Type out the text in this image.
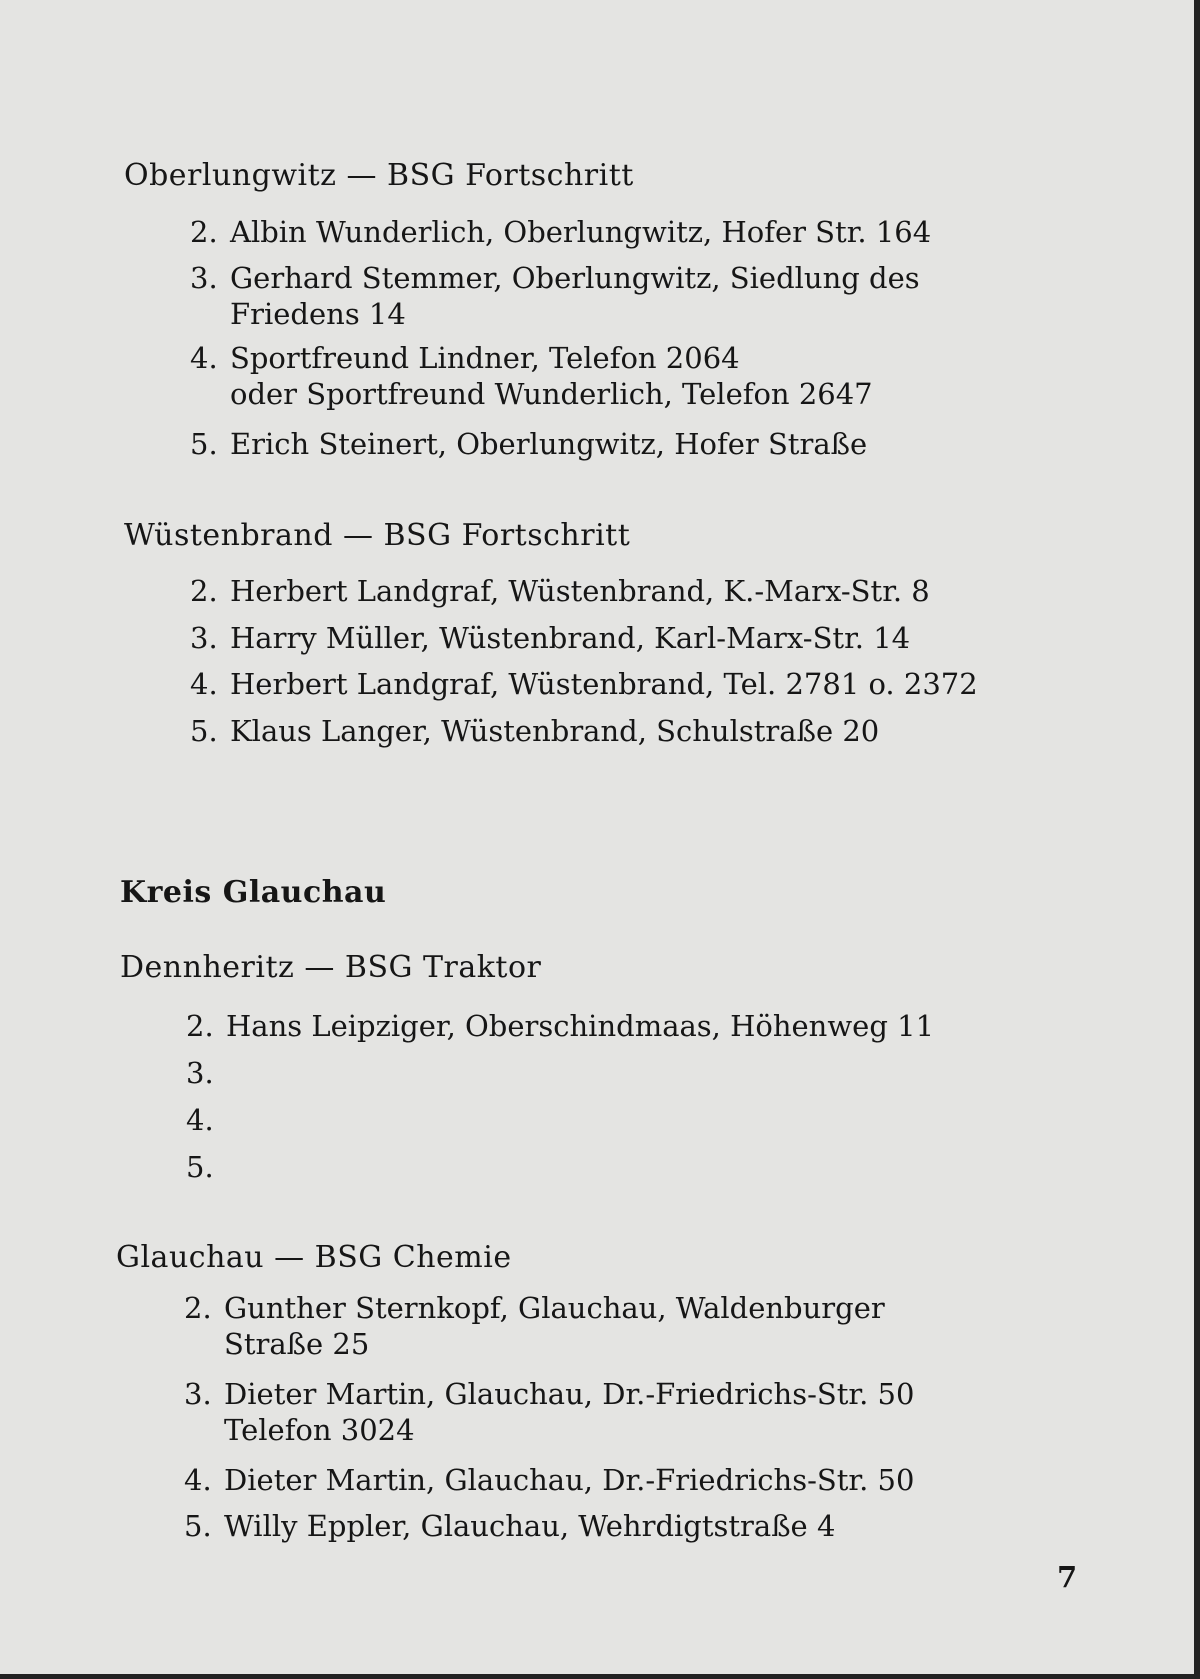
Oberlungwitz — BSG Fortschritt
2. Albin Wunderlich, Oberlungwitz, Hofer Str. 164
3. Gerhard Stemmer, Oberlungwitz, Siedlung des
Friedens 14
4. Sportfreund Lindner, Telefon 2064
oder Sportfreund Wunderlich, Telefon 2647
5. Erich Steinert, Oberlungwitz, Hofer Straße
Wüstenbrand — BSG Fortschritt
2. Herbert Landgraf, Wüstenbrand, K.-Marx-Str. 8
3. Harry Müller, Wüstenbrand, Karl-Marx-Str. 14
4. Herbert Landgraf, Wüstenbrand, Tel. 2781 o. 2372
5. Klaus Langer, Wüstenbrand, Schulstraße 20
Kreis Glauchau
Dennheritz — BSG Traktor
2. Hans Leipziger, Oberschindmaas, Höhenweg 11
3.
4.
5.
Glauchau — BSG Chemie
2. Gunther Sternkopf, Glauchau, Waldenburger
Straße 25
3. Dieter Martin, Glauchau, Dr.-Friedrichs-Str. 50
Telefon 3024
4. Dieter Martin, Glauchau, Dr.-Friedrichs-Str. 50
5. Willy Eppler, Glauchau, Wehrdigtstraße 4
7
